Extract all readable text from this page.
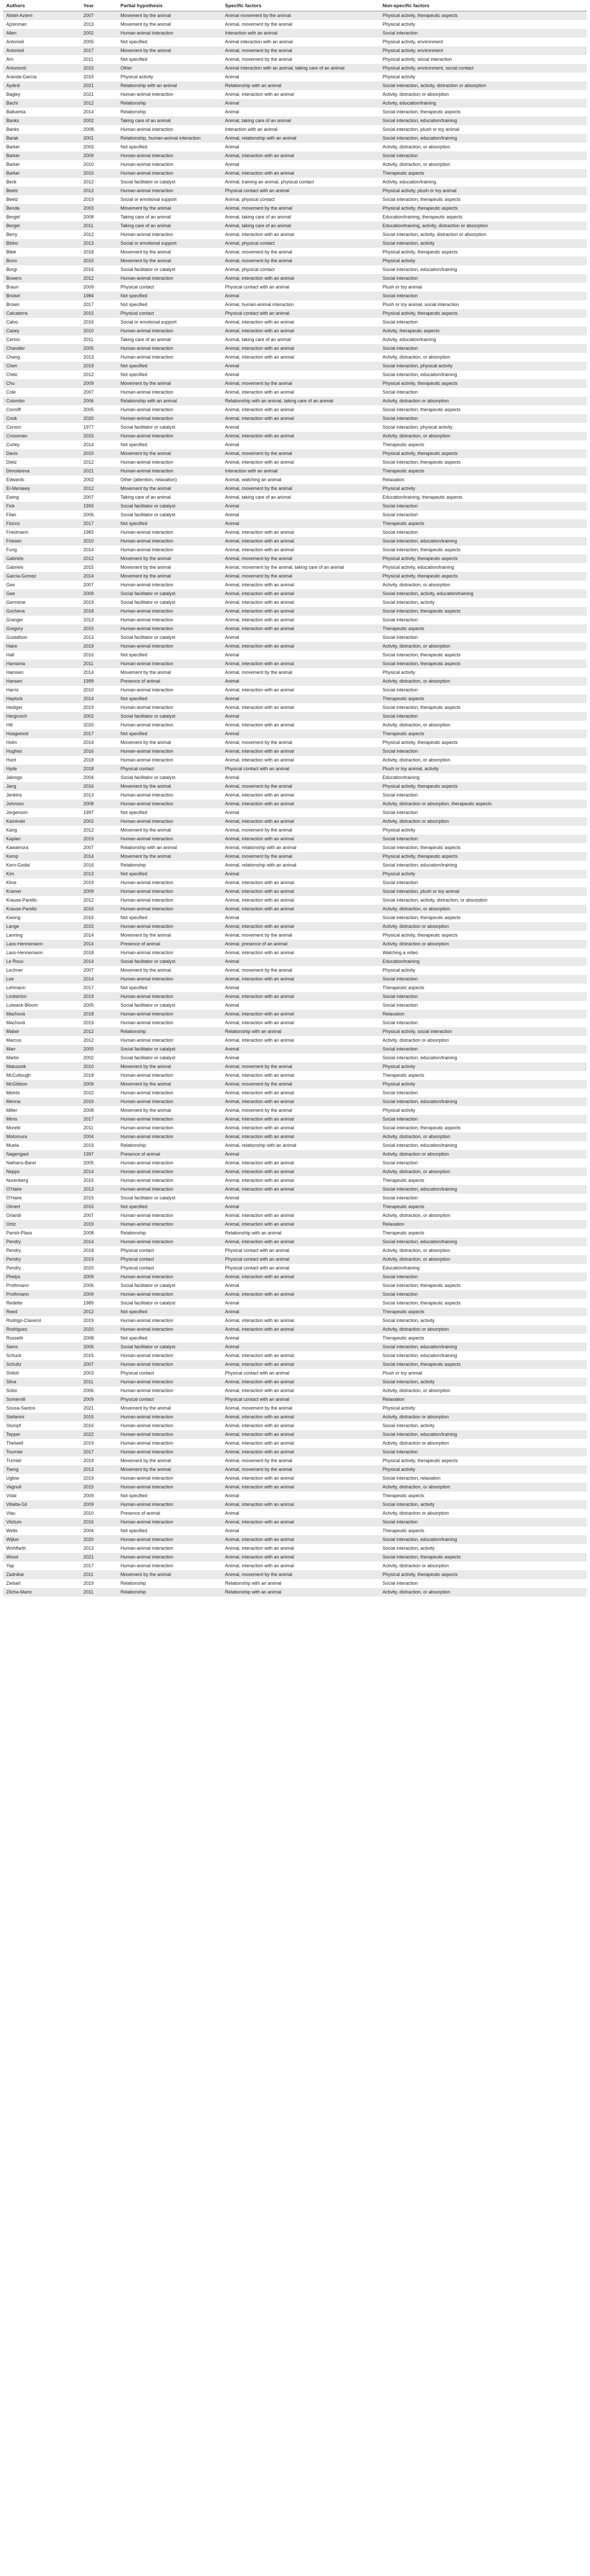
Authors	Year	Partial hypothesis	Specific factors	Non-specific factors
Abdel-Aziem	2007	Movement by the animal	Animal movement by the animal	Physical activity, therapeutic aspects
Ajzenman	2013	Movement by the animal	Animal, movement by the animal	Physical activity
Allen	2002	Human-animal interaction	Interaction with an animal	Social interaction
Antonioli	2005	Not specified	Animal interaction with an animal	Physical activity, environment
Antonioli	2017	Movement by the animal	Animal, movement by the animal	Physical activity, environment
Arn	2011	Not specified	Animal, movement by the animal	Physical activity, social interaction
Antunović	2015	Other	Animal interaction with an animal, taking care of an animal	Physical activity, environment, social contact
Aranda-García	2015	Physical activity	Animal	Physical activity
Aydinli	2021	Relationship with an animal	Relationship with an animal	Social interaction, activity, distraction or absorption
Bagley	2021	Human-animal interaction	Animal, interaction with an animal	Activity, distraction or absorption
Bachi	2012	Relationship	Animal	Activity, education/training
Balluerka	2014	Relationship	Animal	Social interaction, therapeutic aspects
Banks	2002	Taking care of an animal	Animal, taking care of an animal	Social interaction, education/training
Banks	2008	Human-animal interaction	Interaction with an animal	Social interaction, plush or toy animal
Barak	2001	Relationship, human-animal interaction	Animal, relationship with an animal	Social interaction, education/training
Barker	2003	Not specified	Animal	Activity, distraction, or absorption
Barker	2009	Human-animal interaction	Animal, interaction with an animal	Social interaction
Barker	2010	Human-animal interaction	Animal	Activity, distraction, or absorption
Barker	2015	Human-animal interaction	Animal, interaction with an animal	Therapeutic aspects
Beck	2012	Social facilitator or catalyst	Animal, training an animal, physical contact	Activity, education/training
Beetz	2013	Human-animal interaction	Physical contact with an animal	Physical activity, plush or toy animal
Beetz	2019	Social or emotional support	Animal, physical contact	Social interaction, therapeutic aspects
Benda	2003	Movement by the animal	Animal, movement by the animal	Physical activity, therapeutic aspects
Berget	2008	Taking care of an animal	Animal, taking care of an animal	Education/training, therapeutic aspects
Berget	2011	Taking care of an animal	Animal, taking care of an animal	Education/training, activity, distraction or absorption
Berry	2012	Human-animal interaction	Animal, interaction with an animal	Social interaction, activity, distraction or absorption
Bibbo	2013	Social or emotional support	Animal, physical contact	Social interaction, activity
Biłek	2018	Movement by the animal	Animal, movement by the animal	Physical activity, therapeutic aspects
Bono	2015	Movement by the animal	Animal, movement by the animal	Physical activity
Borgi	2016	Social facilitator or catalyst	Animal, physical contact	Social interaction, education/training
Bowers	2012	Human-animal interaction	Animal, interaction with an animal	Social interaction
Braun	2009	Physical contact	Physical contact with an animal	Plush or toy animal
Brickel	1984	Not specified	Animal	Social interaction
Brown	2017	Not specified	Animal, human-animal interaction	Plush or toy animal, social interaction
Calcaterra	2015	Physical contact	Physical contact with an animal	Physical activity, therapeutic aspects
Calvo	2016	Social or emotional support	Animal, interaction with an animal	Social interaction
Casey	2010	Human-animal interaction	Animal, interaction with an animal	Activity, therapeutic aspects
Cerino	2011	Taking care of an animal	Animal, taking care of an animal	Activity, education/training
Chandler	2005	Human-animal interaction	Animal, interaction with an animal	Social interaction
Chang	2013	Human-animal interaction	Animal, interaction with an animal	Activity, distraction, or absorption
Chen	2019	Not specified	Animal	Social interaction, physical activity
Chitic	2012	Not specified	Animal	Social interaction, education/training
Chu	2009	Movement by the animal	Animal, movement by the animal	Physical activity, therapeutic aspects
Cole	2007	Human-animal interaction	Animal, interaction with an animal	Social interaction
Colombo	2006	Relationship with an animal	Relationship with an animal, taking care of an animal	Activity, distraction or absorption
Conniff	2005	Human-animal interaction	Animal, interaction with an animal	Social interaction, therapeutic aspects
Cook	2020	Human-animal interaction	Animal, interaction with an animal	Social interaction
Corson	1977	Social facilitator or catalyst	Animal	Social interaction, physical activity
Crossman	2015	Human-animal interaction	Animal, interaction with an animal	Activity, distraction, or absorption
Curley	2014	Not specified	Animal	Therapeutic aspects
Davis	2015	Movement by the animal	Animal, movement by the animal	Physical activity, therapeutic aspects
Dietz	2012	Human-animal interaction	Animal, interaction with an animal	Social interaction, therapeutic aspects
Dimolareva	2021	Human-animal interaction	Interaction with an animal	Therapeutic aspects
Edwards	2002	Other (attention, relaxation)	Animal, watching an animal	Relaxation
El-Meniawy	2012	Movement by the animal	Animal, movement by the animal	Physical activity
Ewing	2007	Taking care of an animal	Animal, taking care of an animal	Education/training, therapeutic aspects
Fick	1993	Social facilitator or catalyst	Animal	Social interaction
Filan	2006	Social facilitator or catalyst	Animal	Social interaction
Fiocco	2017	Not specified	Animal	Therapeutic aspects
Friedmann	1983	Human-animal interaction	Animal, interaction with an animal	Social interaction
Friesen	2010	Human-animal interaction	Animal, interaction with an animal	Social interaction, education/training
Fung	2014	Human-animal interaction	Animal, interaction with an animal	Social interaction, therapeutic aspects
Gabriels	2012	Movement by the animal	Animal, movement by the animal	Physical activity, therapeutic aspects
Gabriels	2015	Movement by the animal	Animal, movement by the animal, taking care of an animal	Physical activity, education/training
Garcia-Gomez	2014	Movement by the animal	Animal, movement by the animal	Physical activity, therapeutic aspects
Gee	2007	Human-animal interaction	Animal, interaction with an animal	Activity, distraction, or absorption
Gee	2009	Social facilitator or catalyst	Animal, interaction with an animal	Social interaction, activity, education/training
Germone	2019	Social facilitator or catalyst	Animal, interaction with an animal	Social interaction, activity
Gocheva	2018	Human-animal interaction	Animal, interaction with an animal	Social interaction, therapeutic aspects
Granger	2013	Human-animal interaction	Animal, interaction with an animal	Social interaction
Gregory	2015	Human-animal interaction	Animal, interaction with an animal	Therapeutic aspects
Gustafson	2013	Social facilitator or catalyst	Animal	Social interaction
Haire	2019	Human-animal interaction	Animal, interaction with an animal	Activity, distraction, or absorption
Hall	2016	Not specified	Animal	Social interaction, therapeutic aspects
Hamama	2011	Human-animal interaction	Animal, interaction with an animal	Social interaction, therapeutic aspects
Hamsen	2014	Movement by the animal	Animal, movement by the animal	Physical activity
Hansen	1999	Presence of animal	Animal	Activity, distraction, or absorption
Harris	2010	Human-animal interaction	Animal, interaction with an animal	Social interaction
Haylock	2014	Not specified	Animal	Therapeutic aspects
Hediger	2019	Human-animal interaction	Animal, interaction with an animal	Social interaction, therapeutic aspects
Hergovich	2002	Social facilitator or catalyst	Animal	Social interaction
Hill	2020	Human-animal interaction	Animal, interaction with an animal	Activity, distraction, or absorption
Hoagwood	2017	Not specified	Animal	Therapeutic aspects
Holm	2014	Movement by the animal	Animal, movement by the animal	Physical activity, therapeutic aspects
Hughes	2016	Human-animal interaction	Animal, interaction with an animal	Social interaction
Hunt	2018	Human-animal interaction	Animal, interaction with an animal	Activity, distraction, or absorption
Hyde	2018	Physical contact	Physical contact with an animal	Plush or toy animal, activity
Jalongo	2004	Social facilitator or catalyst	Animal	Education/training
Jang	2016	Movement by the animal	Animal, movement by the animal	Physical activity, therapeutic aspects
Jenkins	2013	Human-animal interaction	Animal, interaction with an animal	Social interaction
Johnson	2008	Human-animal interaction	Animal, interaction with an animal	Activity, distraction or absorption, therapeutic aspects
Jorgenson	1997	Not specified	Animal	Social interaction
Kaminski	2002	Human-animal interaction	Animal, interaction with an animal	Activity, distraction or absorption
Kang	2012	Movement by the animal	Animal, movement by the animal	Physical activity
Kaplan	2019	Human-animal interaction	Animal, interaction with an animal	Social interaction
Kawamura	2007	Relationship with an animal	Animal, relationship with an animal	Social interaction, therapeutic aspects
Kemp	2014	Movement by the animal	Animal, movement by the animal	Physical activity, therapeutic aspects
Kern-Godal	2016	Relationship	Animal, relationship with an animal	Social interaction, education/training
Kim	2013	Not specified	Animal	Physical activity
Kline	2019	Human-animal interaction	Animal, interaction with an animal	Social interaction
Kramer	2009	Human-animal interaction	Animal, interaction with an animal	Social interaction, plush or toy animal
Krause-Parello	2012	Human-animal interaction	Animal, interaction with an animal	Social interaction, activity, distraction, or absorption
Krause-Parello	2016	Human-animal interaction	Animal, interaction with an animal	Activity, distraction, or absorption
Kwong	2016	Not specified	Animal	Social interaction, therapeutic aspects
Lange	2015	Human-animal interaction	Animal, interaction with an animal	Activity, distraction or absorption
Lanning	2014	Movement by the animal	Animal, movement by the animal	Physical activity, therapeutic aspects
Lass-Hennemann	2014	Presence of animal	Animal, presence of an animal	Activity, distraction or absorption
Lass-Hennemann	2018	Human-animal interaction	Animal, interaction with an animal	Watching a video
Le Roux	2014	Social facilitator or catalyst	Animal	Education/training
Lechner	2007	Movement by the animal	Animal, movement by the animal	Physical activity
Lee	2014	Human-animal interaction	Animal, interaction with an animal	Social interaction
Lehmann	2017	Not specified	Animal	Therapeutic aspects
Lindström	2019	Human-animal interaction	Animal, interaction with an animal	Social interaction
Lutwack-Bloom	2005	Social facilitator or catalyst	Animal	Social interaction
Machová	2018	Human-animal interaction	Animal, interaction with an animal	Relaxation
Machová	2019	Human-animal interaction	Animal, interaction with an animal	Social interaction
Maber	2012	Relationship	Relationship with an animal	Physical activity, social interaction
Marcus	2012	Human-animal interaction	Animal, interaction with an animal	Activity, distraction or absorption
Marr	2000	Social facilitator or catalyst	Animal	Social interaction
Martin	2002	Social facilitator or catalyst	Animal	Social interaction, education/training
Matuszek	2010	Movement by the animal	Animal, movement by the animal	Physical activity
McCullough	2018	Human-animal interaction	Animal, interaction with an animal	Therapeutic aspects
McGibbon	2009	Movement by the animal	Animal, movement by the animal	Physical activity
Meints	2022	Human-animal interaction	Animal, interaction with an animal	Social interaction
Menna	2016	Human-animal interaction	Animal, interaction with an animal	Social interaction, education/training
Miller	2008	Movement by the animal	Animal, movement by the animal	Physical activity
Mims	2017	Human-animal interaction	Animal, interaction with an animal	Social interaction
Moretti	2011	Human-animal interaction	Animal, interaction with an animal	Social interaction, therapeutic aspects
Motomura	2004	Human-animal interaction	Animal, interaction with an animal	Activity, distraction, or absorption
Muela	2019	Relationship	Animal, relationship with an animal	Social interaction, education/training
Nagengast	1997	Presence of animal	Animal	Activity, distraction or absorption
Nathans-Barel	2005	Human-animal interaction	Animal, interaction with an animal	Social interaction
Nepps	2014	Human-animal interaction	Animal, interaction with an animal	Activity, distraction, or absorption
Nurenberg	2015	Human-animal interaction	Animal, interaction with an animal	Therapeutic aspects
O'Haire	2013	Human-animal interaction	Animal, interaction with an animal	Social interaction, education/training
O'Haire	2015	Social facilitator or catalyst	Animal	Social interaction
Olmert	2015	Not specified	Animal	Therapeutic aspects
Orlandi	2007	Human-animal interaction	Animal, interaction with an animal	Activity, distraction, or absorption
Ortiz	2019	Human-animal interaction	Animal, interaction with an animal	Relaxation
Parish-Plass	2008	Relationship	Relationship with an animal	Therapeutic aspects
Pendry	2014	Human-animal interaction	Animal, interaction with an animal	Social interaction, education/training
Pendry	2018	Physical contact	Physical contact with an animal	Activity, distraction, or absorption
Pendry	2019	Physical contact	Physical contact with an animal	Activity, distraction, or absorption
Pendry	2020	Physical contact	Physical contact with an animal	Education/training
Phelps	2009	Human-animal interaction	Animal, interaction with an animal	Social interaction
Prothmann	2006	Social facilitator or catalyst	Animal	Social interaction, therapeutic aspects
Prothmann	2009	Human-animal interaction	Animal, interaction with an animal	Social interaction
Redefer	1989	Social facilitator or catalyst	Animal	Social interaction, therapeutic aspects
Reed	2012	Not specified	Animal	Therapeutic aspects
Rodrigo-Claverol	2019	Human-animal interaction	Animal, interaction with an animal	Social interaction, activity
Rodriguez	2020	Human-animal interaction	Animal, interaction with an animal	Activity, distraction or absorption
Rossetti	2008	Not specified	Animal	Therapeutic aspects
Sams	2006	Social facilitator or catalyst	Animal	Social interaction, education/training
Schuck	2015	Human-animal interaction	Animal, interaction with an animal	Social interaction, education/training
Schultz	2007	Human-animal interaction	Animal, interaction with an animal	Social interaction, therapeutic aspects
Shiloh	2003	Physical contact	Physical contact with an animal	Plush or toy animal
Silva	2011	Human-animal interaction	Animal, interaction with an animal	Social interaction, activity
Sobo	2006	Human-animal interaction	Animal, interaction with an animal	Activity, distraction, or absorption
Somervill	2009	Physical contact	Physical contact with an animal	Relaxation
Sousa-Santos	2021	Movement by the animal	Animal, movement by the animal	Physical activity
Stefanini	2015	Human-animal interaction	Animal, interaction with an animal	Activity, distraction or absorption
Stumpf	2016	Human-animal interaction	Animal, interaction with an animal	Social interaction, activity
Tepper	2022	Human-animal interaction	Animal, interaction with an animal	Social interaction, education/training
Thelwell	2019	Human-animal interaction	Animal, interaction with an animal	Activity, distraction or absorption
Tournier	2017	Human-animal interaction	Animal, interaction with an animal	Social interaction
Trzmiel	2019	Movement by the animal	Animal, movement by the animal	Physical activity, therapeutic aspects
Tseng	2013	Movement by the animal	Animal, movement by the animal	Physical activity
Uglow	2019	Human-animal interaction	Animal, interaction with an animal	Social interaction, relaxation
Vagnoli	2015	Human-animal interaction	Animal, interaction with an animal	Activity, distraction, or absorption
Vidal	2009	Not specified	Animal	Therapeutic aspects
Villalta-Gil	2009	Human-animal interaction	Animal, interaction with an animal	Social interaction, activity
Viau	2010	Presence of animal	Animal	Activity, distraction or absorption
Vitztum	2016	Human-animal interaction	Animal, interaction with an animal	Social interaction
Wells	2004	Not specified	Animal	Therapeutic aspects
Wijker	2020	Human-animal interaction	Animal, interaction with an animal	Social interaction, education/training
Wohlfarth	2013	Human-animal interaction	Animal, interaction with an animal	Social interaction, activity
Wood	2021	Human-animal interaction	Animal, interaction with an animal	Social interaction, therapeutic aspects
Yap	2017	Human-animal interaction	Animal, interaction with an animal	Activity, distraction or absorption
Zadnikar	2011	Movement by the animal	Animal, movement by the animal	Physical activity, therapeutic aspects
Ziebart	2019	Relationship	Relationship with an animal	Social interaction
Zilcha-Mano	2011	Relationship	Relationship with an animal	Activity, distraction, or absorption
